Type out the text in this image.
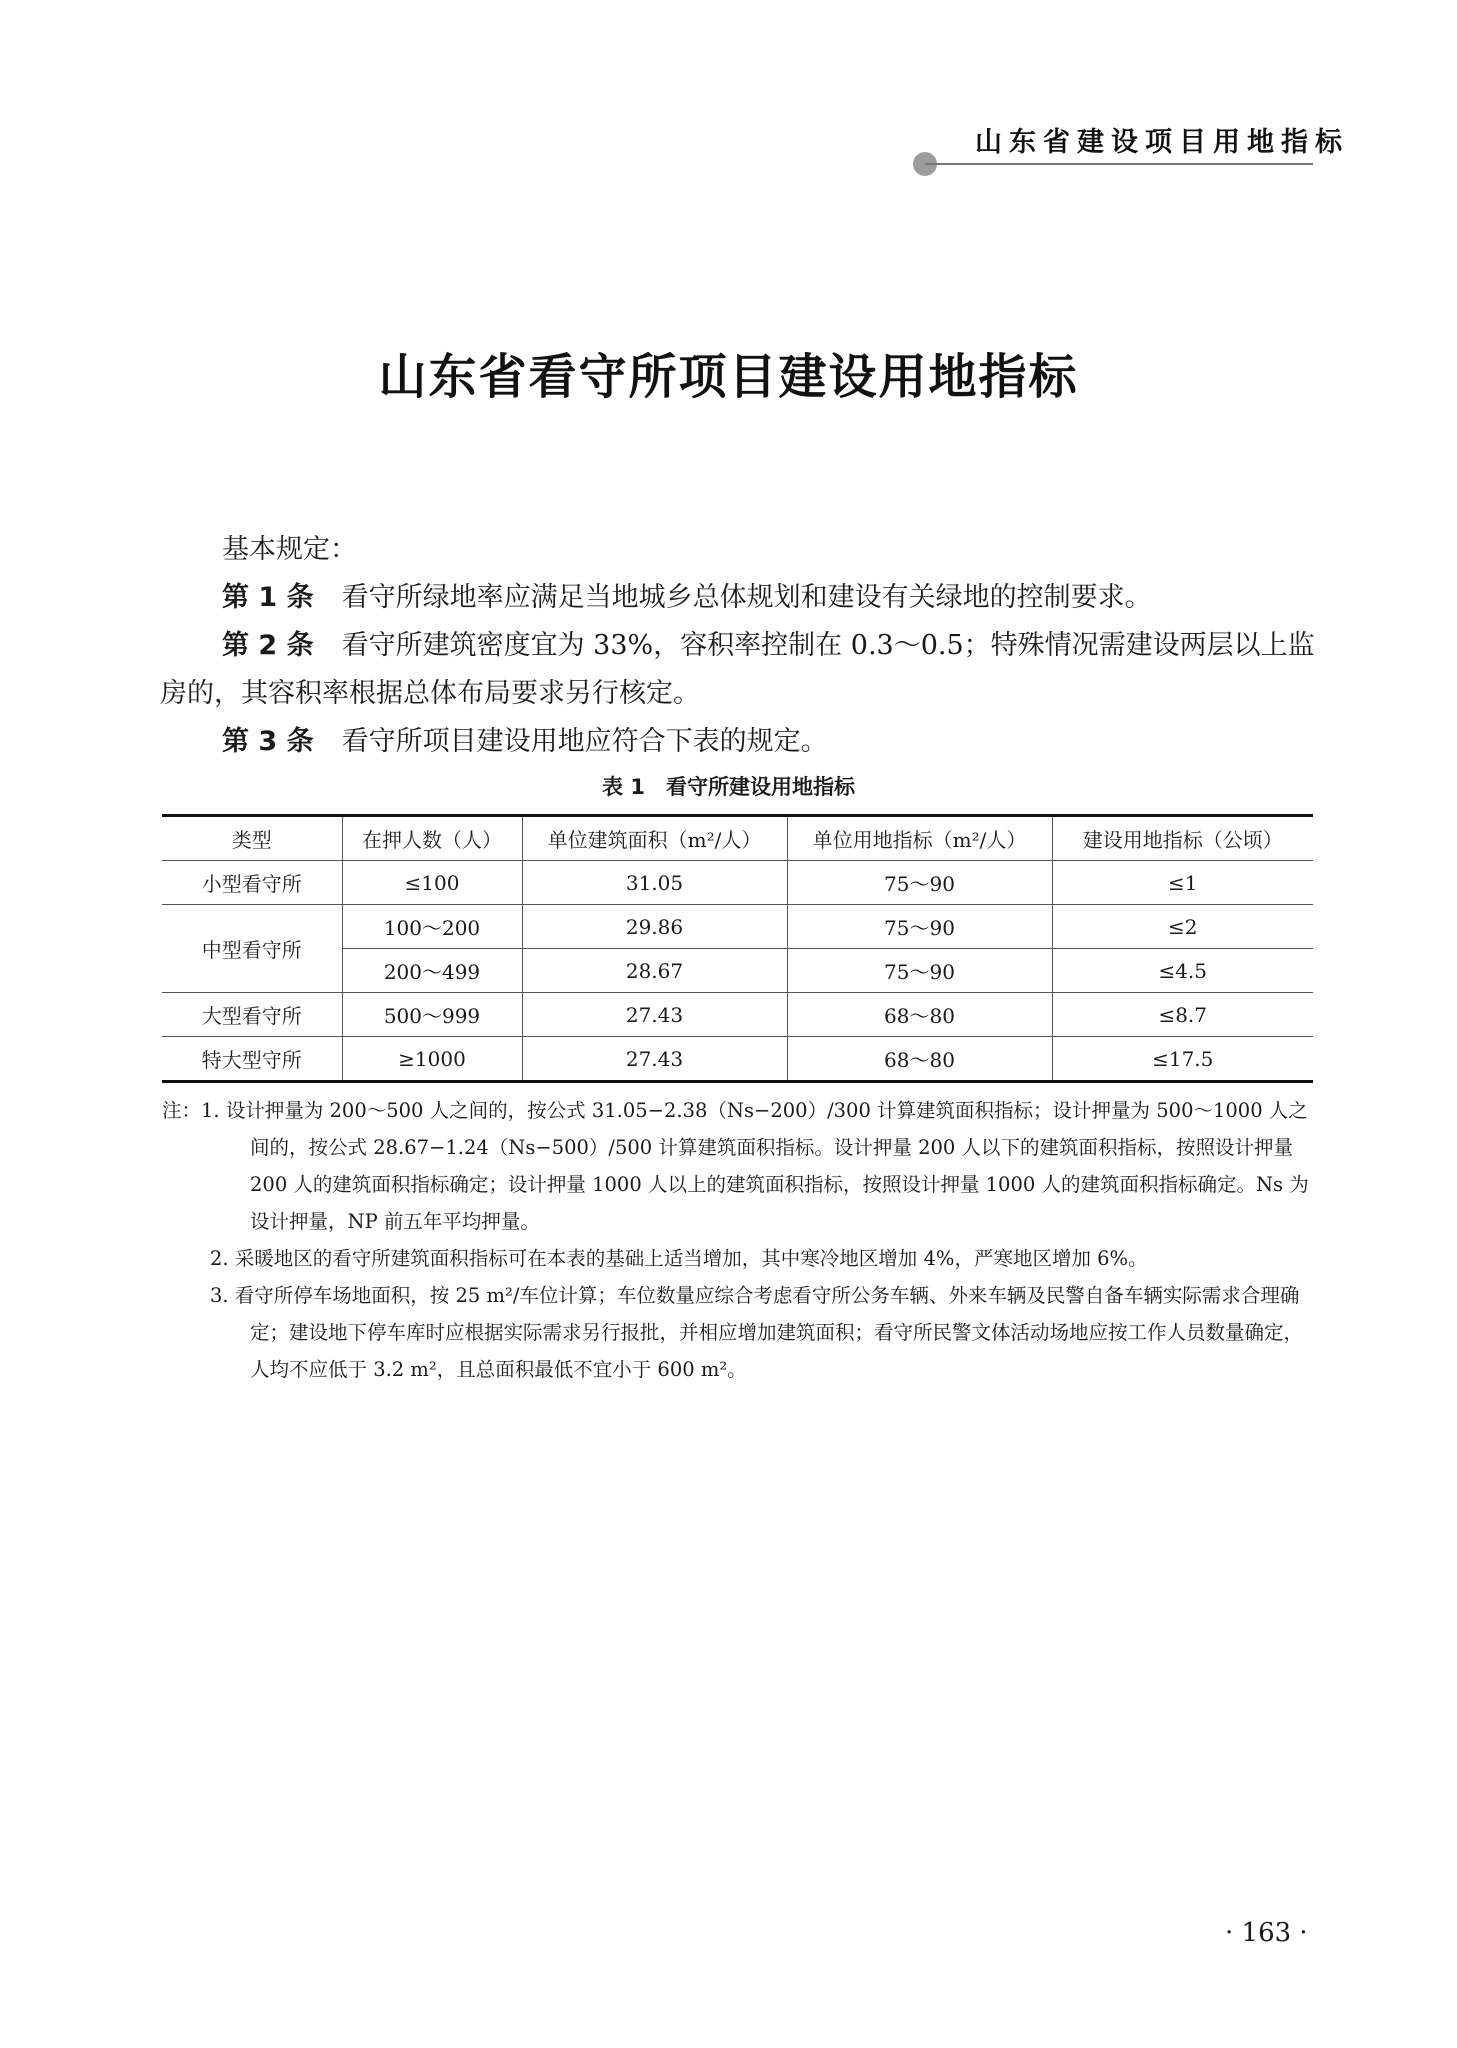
山东省建设项目用地指标
山东省看守所项目建设用地指标

基本规定：

第 1 条 看守所绿地率应满足当地城乡总体规划和建设有关绿地的控制要求。

第 2 条 看守所建筑密度宜为 33%，容积率控制在 0.3～0.5；特殊情况需建设两层以上监房的，其容积率根据总体布局要求另行核定。

第 3 条 看守所项目建设用地应符合下表的规定。

表 1　看守所建设用地指标
类型	在押人数（人）	单位建筑面积（m²/人）	单位用地指标（m²/人）	建设用地指标（公顷）
小型看守所	≤100	31.05	75～90	≤1
中型看守所	100～200	29.86	75～90	≤2
	200～499	28.67	75～90	≤4.5
大型看守所	500～999	27.43	68～80	≤8.7
特大型守所	≥1000	27.43	68～80	≤17.5

注：1. 设计押量为 200～500 人之间的，按公式 31.05−2.38（Ns−200）/300 计算建筑面积指标；设计押量为 500～1000 人之间的，按公式 28.67−1.24（Ns−500）/500 计算建筑面积指标。设计押量 200 人以下的建筑面积指标，按照设计押量 200 人的建筑面积指标确定；设计押量 1000 人以上的建筑面积指标，按照设计押量 1000 人的建筑面积指标确定。Ns 为设计押量，NP 前五年平均押量。

2. 采暖地区的看守所建筑面积指标可在本表的基础上适当增加，其中寒冷地区增加 4%，严寒地区增加 6%。

3. 看守所停车场地面积，按 25 m²/车位计算；车位数量应综合考虑看守所公务车辆、外来车辆及民警自备车辆实际需求合理确定；建设地下停车库时应根据实际需求另行报批，并相应增加建筑面积；看守所民警文体活动场地应按工作人员数量确定，人均不应低于 3.2 m²，且总面积最低不宜小于 600 m²。

· 163 ·
